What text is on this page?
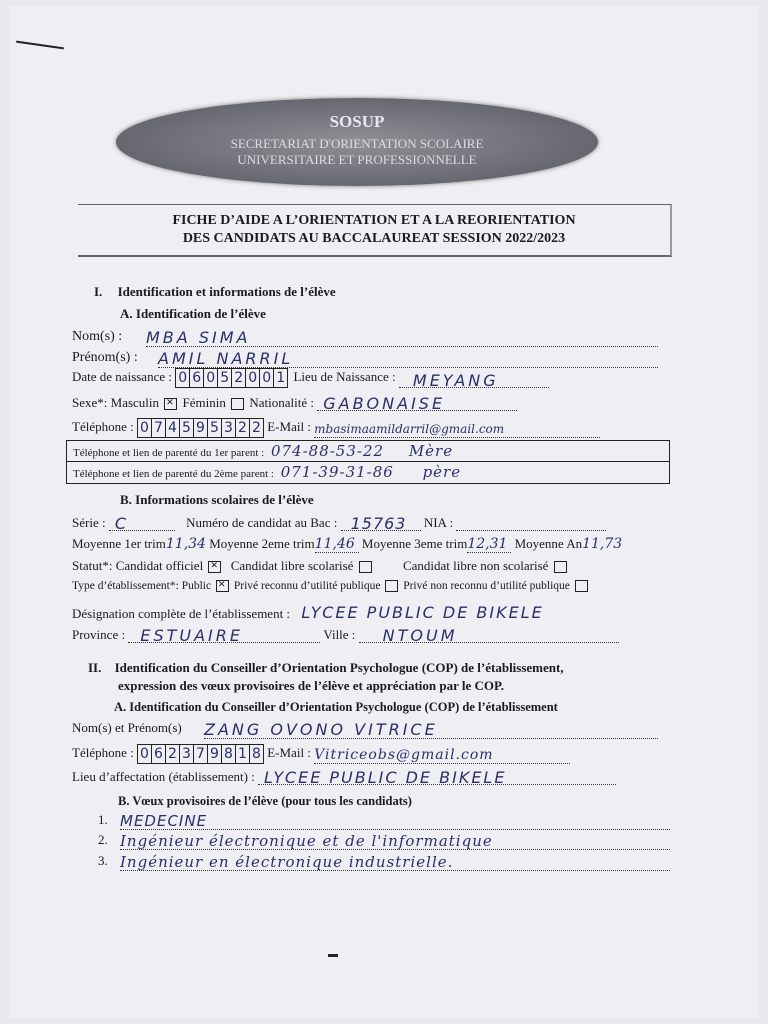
SOSUP
SECRETARIAT D'ORIENTATION SCOLAIRE
UNIVERSITAIRE ET PROFESSIONNELLE
FICHE D’AIDE A L’ORIENTATION ET A LA REORIENTATION
DES CANDIDATS AU BACCALAUREAT SESSION 2022/2023
I. Identification et informations de l’élève
A. Identification de l’élève
Nom(s) : MBA SIMA
Prénom(s) : AMIL NARRIL
Date de naissance : 0 6 0 5 2 0 0 1 Lieu de Naissance : MEYANG
Sexe*: Masculin × Féminin Nationalité : GABONAISE
Téléphone : 0 7 4 5 9 5 3 2 2 E-Mail : mbasimaamildarril@gmail.com
Téléphone et lien de parenté du 1er parent : 074-88-53-22 Mère
Téléphone et lien de parenté du 2ème parent : 071-39-31-86 père
B. Informations scolaires de l’élève
Série : C	Numéro de candidat au Bac : 15763 NIA :
Moyenne 1er trim11,34 Moyenne 2eme trim11,46 Moyenne 3eme trim12,31 Moyenne An11,73
Statut*: Candidat officiel × Candidat libre scolarisé	Candidat libre non scolarisé
Type d’établissement*: Public × Privé reconnu d’utilité publique Privé non reconnu d’utilité publique
Désignation complète de l’établissement : LYCEE PUBLIC DE BIKELE
Province : ESTUAIRE	Ville : NTOUM
II. Identification du Conseiller d’Orientation Psychologue (COP) de l’établissement,
expression des vœux provisoires de l’élève et appréciation par le COP.
A. Identification du Conseiller d’Orientation Psychologue (COP) de l’établissement
Nom(s) et Prénom(s) ZANG OVONO VITRICE
Téléphone : 0 6 2 3 7 9 8 1 8 E-Mail : Vitriceobs@gmail.com
Lieu d’affectation (établissement) : LYCEE PUBLIC DE BIKELE
B. Vœux provisoires de l’élève (pour tous les candidats)
1. MEDECINE
2. Ingénieur électronique et de l'informatique
3. Ingénieur en électronique industrielle.
